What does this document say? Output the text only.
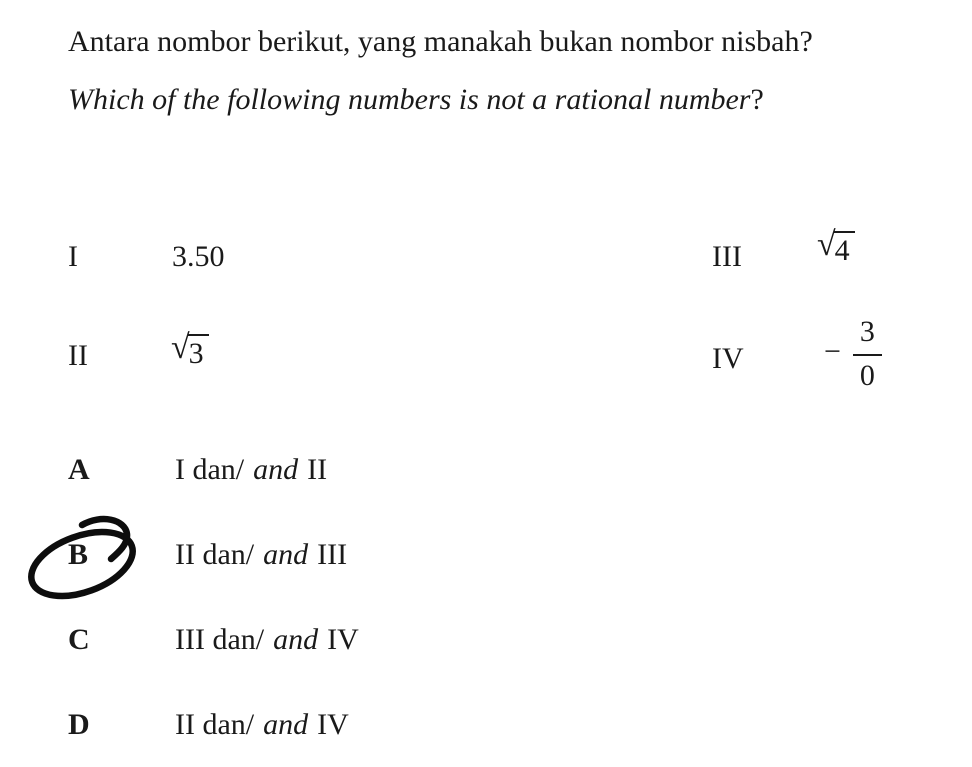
Antara nombor berikut, yang manakah bukan nombor nisbah?
Which of the following numbers is not a rational number?
I	3.50
II √ 3
III √ 4
IV	− $\frac{3}{0}$
A	I dan/ and II
B	II dan/ and III
C	III dan/ and IV
D	II dan/ and IV
